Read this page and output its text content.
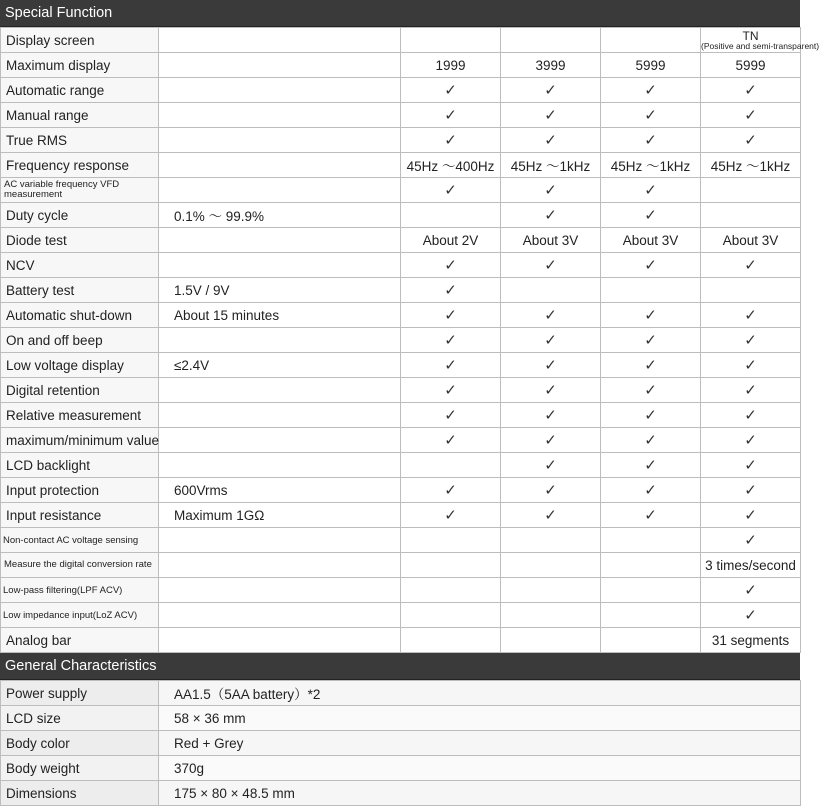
Special Function
Display screen					TN
(Positive and semi-transparent)

Maximum display		1999	3999	5999	5999
Automatic range		✓	✓	✓	✓
Manual range		✓	✓	✓	✓
True RMS		✓	✓	✓	✓
Frequency response		45Hz ～400Hz	45Hz ～1kHz	45Hz ～1kHz	45Hz ～1kHz
AC variable frequency VFD measurement		✓	✓	✓	
Duty cycle	0.1% ～ 99.9%		✓	✓	
Diode test		About 2V	About 3V	About 3V	About 3V
NCV		✓	✓	✓	✓
Battery test	1.5V / 9V	✓			
Automatic shut-down	About 15 minutes	✓	✓	✓	✓
On and off beep		✓	✓	✓	✓
Low voltage display	≤2.4V	✓	✓	✓	✓
Digital retention		✓	✓	✓	✓
Relative measurement		✓	✓	✓	✓
maximum/minimum value		✓	✓	✓	✓
LCD backlight			✓	✓	✓
Input protection	600Vrms	✓	✓	✓	✓
Input resistance	Maximum 1GΩ	✓	✓	✓	✓
Non-contact AC voltage sensing					✓
Measure the digital conversion rate					3 times/second
Low-pass filtering(LPF ACV)					✓
Low impedance input(LoZ ACV)					✓
Analog bar					31 segments
General Characteristics
Power supply	AA1.5（5AA battery）*2
LCD size	58 × 36 mm
Body color	Red + Grey
Body weight	370g
Dimensions	175 × 80 × 48.5 mm
